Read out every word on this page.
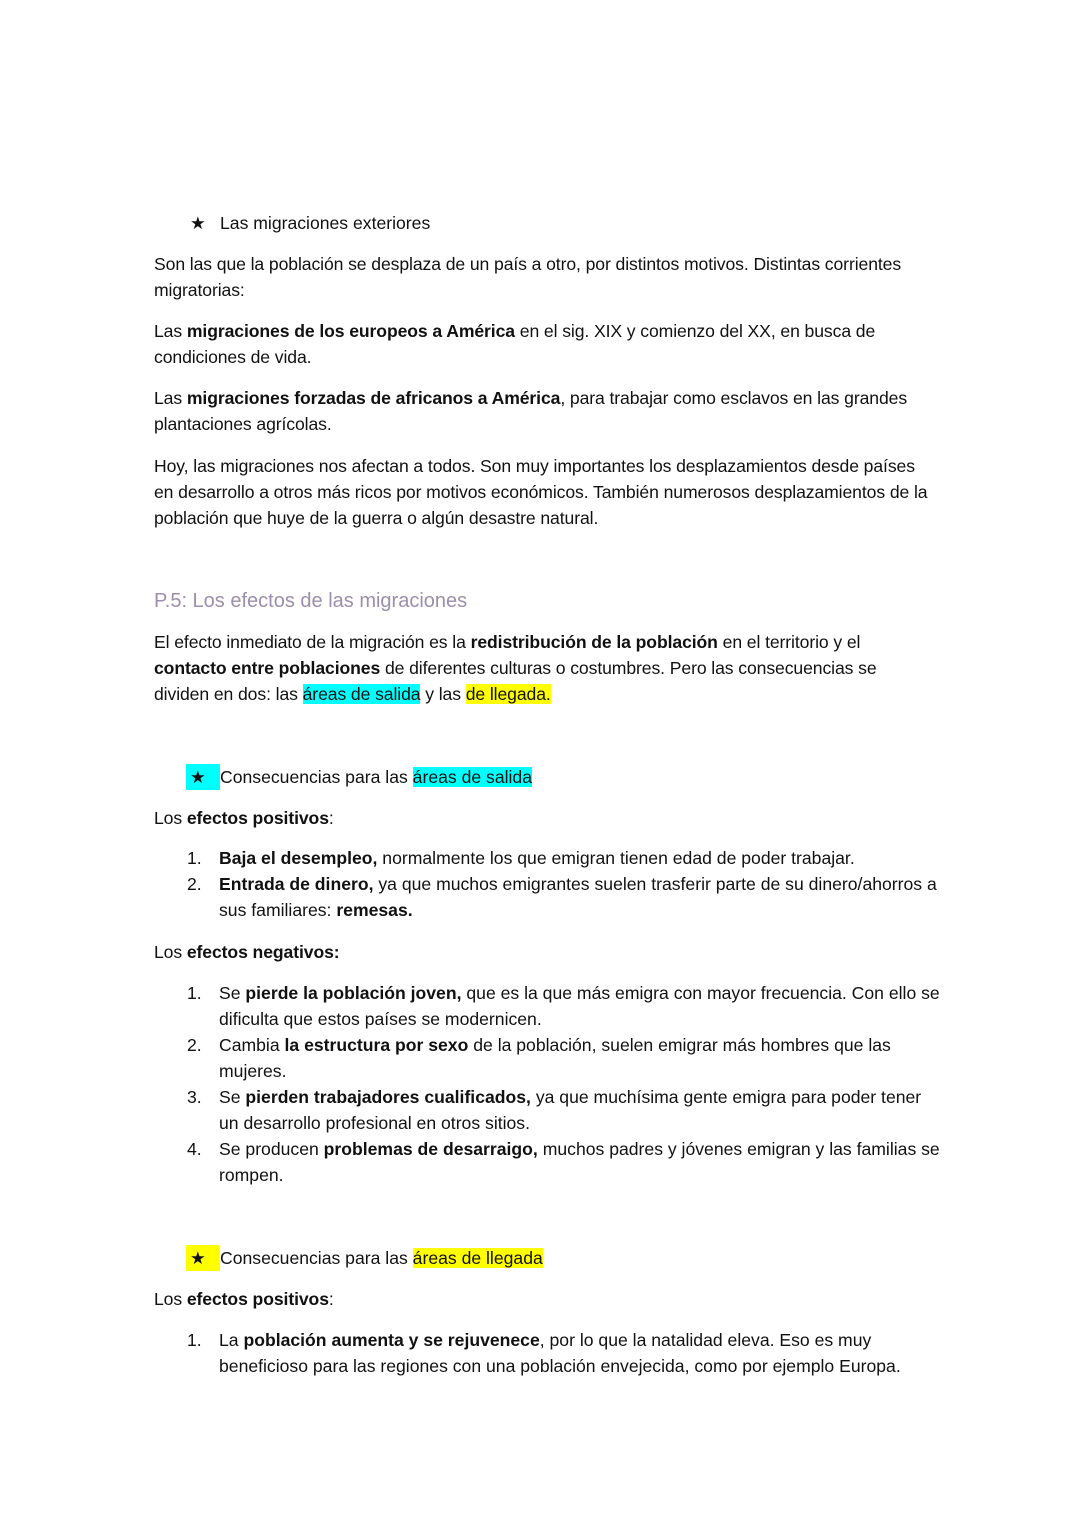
★ Las migraciones exteriores

Son las que la población se desplaza de un país a otro, por distintos motivos. Distintas corrientes migratorias:

Las migraciones de los europeos a América en el sig. XIX y comienzo del XX, en busca de condiciones de vida.

Las migraciones forzadas de africanos a América, para trabajar como esclavos en las grandes plantaciones agrícolas.

Hoy, las migraciones nos afectan a todos. Son muy importantes los desplazamientos desde países en desarrollo a otros más ricos por motivos económicos. También numerosos desplazamientos de la población que huye de la guerra o algún desastre natural.

P.5: Los efectos de las migraciones

El efecto inmediato de la migración es la redistribución de la población en el territorio y el contacto entre poblaciones de diferentes culturas o costumbres. Pero las consecuencias se dividen en dos: las áreas de salida y las de llegada.

★ Consecuencias para las áreas de salida

Los efectos positivos:

1. Baja el desempleo, normalmente los que emigran tienen edad de poder trabajar.
2. Entrada de dinero, ya que muchos emigrantes suelen trasferir parte de su dinero/ahorros a sus familiares: remesas.

Los efectos negativos:

1. Se pierde la población joven, que es la que más emigra con mayor frecuencia. Con ello se dificulta que estos países se modernicen.
2. Cambia la estructura por sexo de la población, suelen emigrar más hombres que las mujeres.
3. Se pierden trabajadores cualificados, ya que muchísima gente emigra para poder tener un desarrollo profesional en otros sitios.
4. Se producen problemas de desarraigo, muchos padres y jóvenes emigran y las familias se rompen.
★ Consecuencias para las áreas de llegada

Los efectos positivos:

1. La población aumenta y se rejuvenece, por lo que la natalidad eleva. Eso es muy beneficioso para las regiones con una población envejecida, como por ejemplo Europa.
